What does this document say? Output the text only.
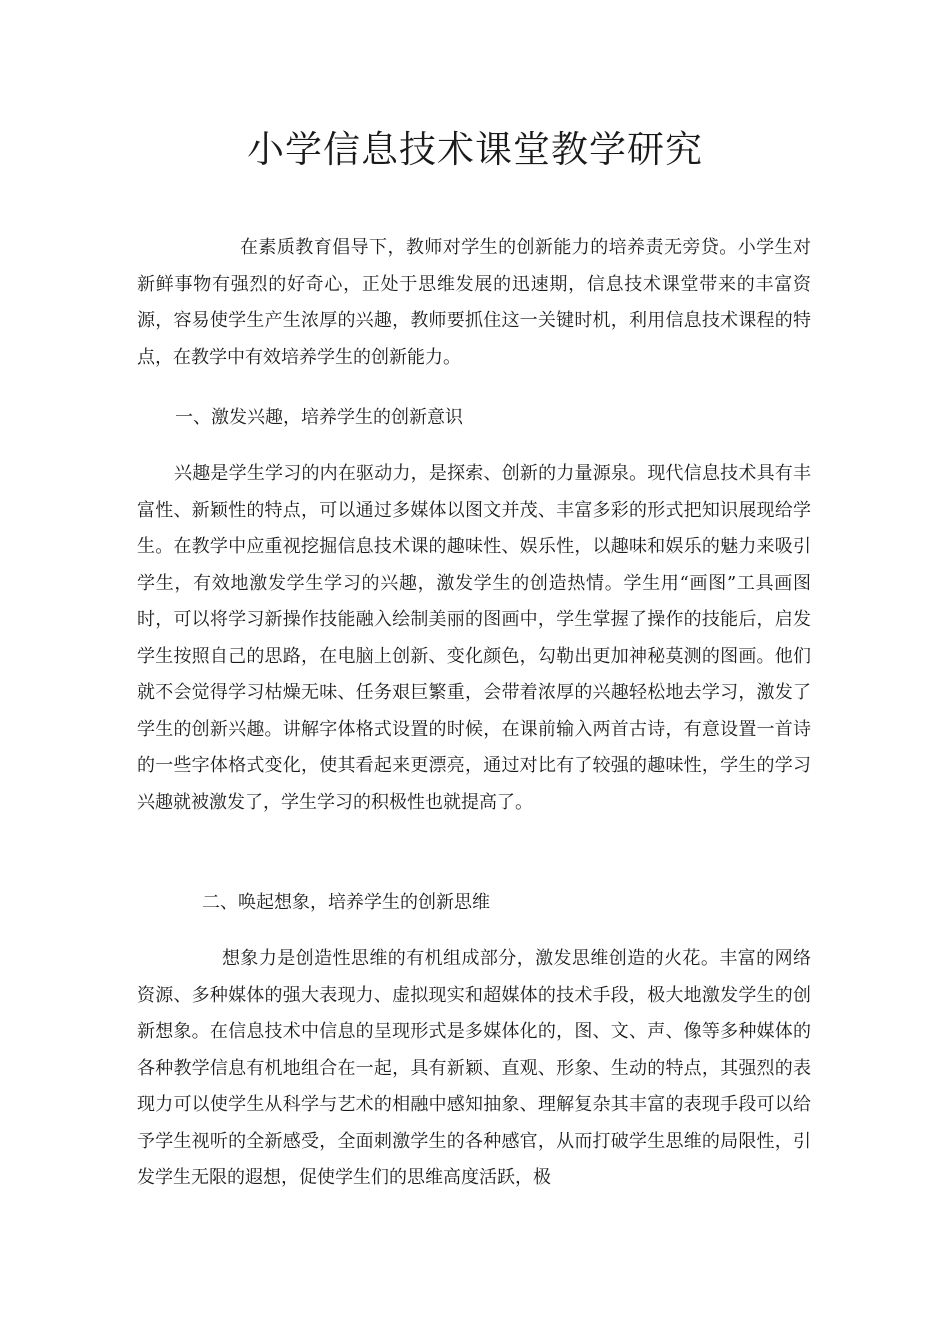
小学信息技术课堂教学研究

在素质教育倡导下，教师对学生的创新能力的培养责无旁贷。小学生对新鲜事物有强烈的好奇心，正处于思维发展的迅速期，信息技术课堂带来的丰富资源，容易使学生产生浓厚的兴趣，教师要抓住这一关键时机，利用信息技术课程的特点，在教学中有效培养学生的创新能力。

一、激发兴趣，培养学生的创新意识

兴趣是学生学习的内在驱动力，是探索、创新的力量源泉。现代信息技术具有丰富性、新颖性的特点，可以通过多媒体以图文并茂、丰富多彩的形式把知识展现给学生。在教学中应重视挖掘信息技术课的趣味性、娱乐性，以趣味和娱乐的魅力来吸引学生，有效地激发学生学习的兴趣，激发学生的创造热情。学生用“画图”工具画图时，可以将学习新操作技能融入绘制美丽的图画中，学生掌握了操作的技能后，启发学生按照自己的思路，在电脑上创新、变化颜色，勾勒出更加神秘莫测的图画。他们就不会觉得学习枯燥无味、任务艰巨繁重，会带着浓厚的兴趣轻松地去学习，激发了学生的创新兴趣。讲解字体格式设置的时候，在课前输入两首古诗，有意设置一首诗的一些字体格式变化，使其看起来更漂亮，通过对比有了较强的趣味性，学生的学习兴趣就被激发了，学生学习的积极性也就提高了。

二、唤起想象，培养学生的创新思维

想象力是创造性思维的有机组成部分，激发思维创造的火花。丰富的网络资源、多种媒体的强大表现力、虚拟现实和超媒体的技术手段，极大地激发学生的创新想象。在信息技术中信息的呈现形式是多媒体化的，图、文、声、像等多种媒体的各种教学信息有机地组合在一起，具有新颖、直观、形象、生动的特点，其强烈的表现力可以使学生从科学与艺术的相融中感知抽象、理解复杂其丰富的表现手段可以给予学生视听的全新感受，全面刺激学生的各种感官，从而打破学生思维的局限性，引发学生无限的遐想，促使学生们的思维高度活跃，极
